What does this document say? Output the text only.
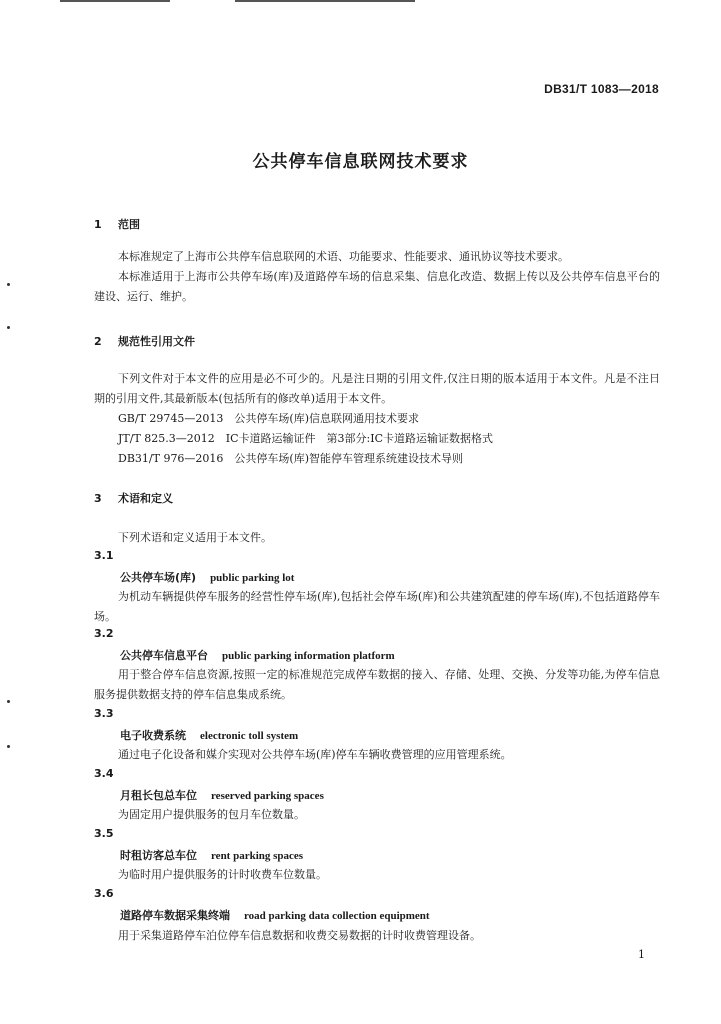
DB31/T 1083—2018
公共停车信息联网技术要求
1 范围
本标准规定了上海市公共停车信息联网的术语、功能要求、性能要求、通讯协议等技术要求。
本标准适用于上海市公共停车场(库)及道路停车场的信息采集、信息化改造、数据上传以及公共停车信息平台的建设、运行、维护。
2 规范性引用文件
下列文件对于本文件的应用是必不可少的。凡是注日期的引用文件,仅注日期的版本适用于本文件。凡是不注日期的引用文件,其最新版本(包括所有的修改单)适用于本文件。
GB/T 29745—2013　公共停车场(库)信息联网通用技术要求
JT/T 825.3—2012　IC卡道路运输证件　第3部分:IC卡道路运输证数据格式
DB31/T 976—2016　公共停车场(库)智能停车管理系统建设技术导则
3 术语和定义
下列术语和定义适用于本文件。
3.1
公共停车场(库) public parking lot
为机动车辆提供停车服务的经营性停车场(库),包括社会停车场(库)和公共建筑配建的停车场(库),不包括道路停车场。
3.2
公共停车信息平台 public parking information platform
用于整合停车信息资源,按照一定的标准规范完成停车数据的接入、存储、处理、交换、分发等功能,为停车信息服务提供数据支持的停车信息集成系统。
3.3
电子收费系统 electronic toll system
通过电子化设备和媒介实现对公共停车场(库)停车车辆收费管理的应用管理系统。
3.4
月租长包总车位 reserved parking spaces
为固定用户提供服务的包月车位数量。
3.5
时租访客总车位 rent parking spaces
为临时用户提供服务的计时收费车位数量。
3.6
道路停车数据采集终端 road parking data collection equipment
用于采集道路停车泊位停车信息数据和收费交易数据的计时收费管理设备。
1
